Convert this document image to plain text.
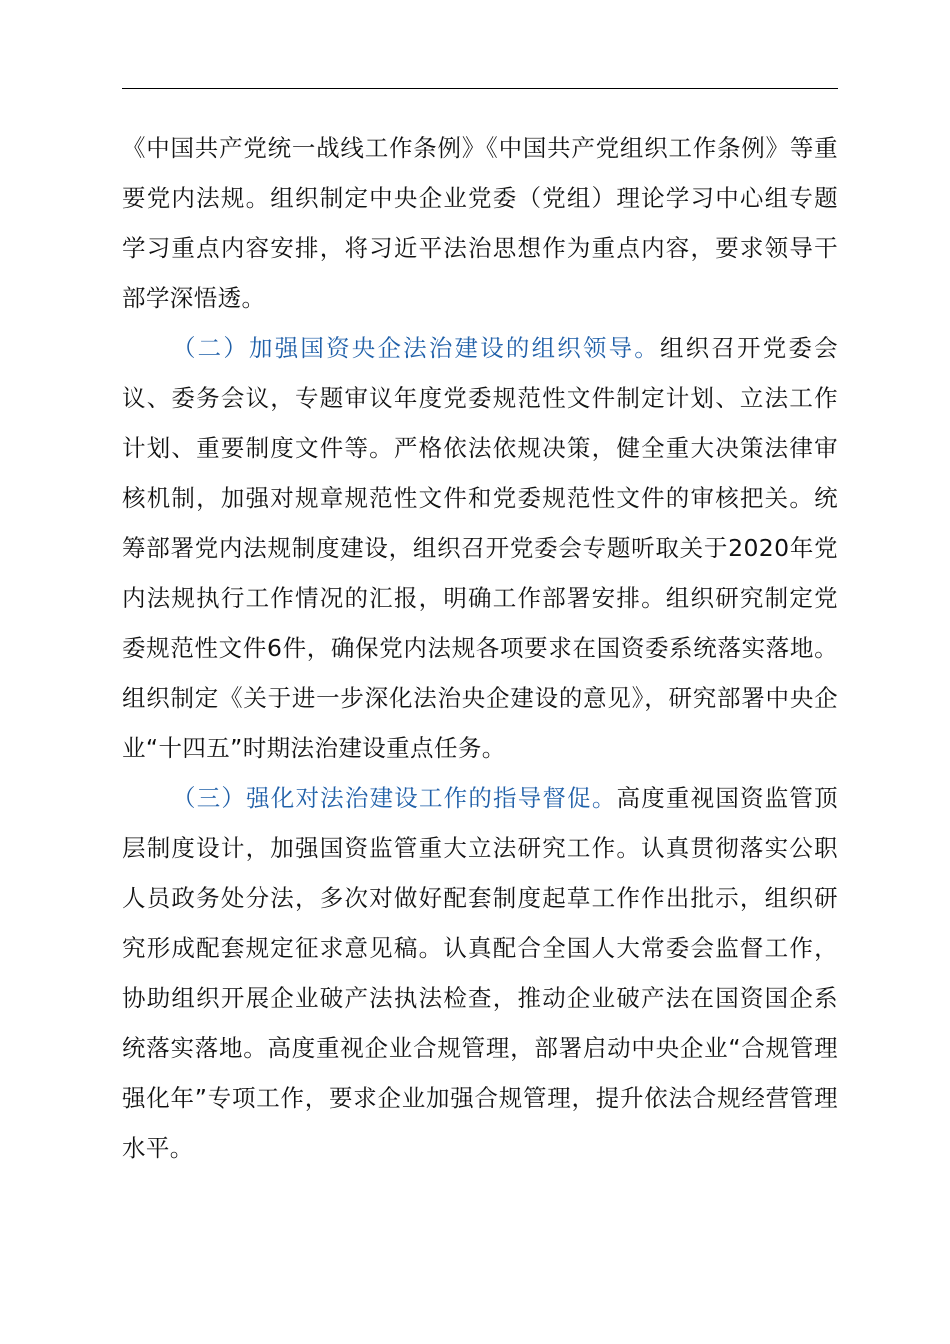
《中国共产党统一战线工作条例》《中国共产党组织工作条例》等重要党内法规。组织制定中央企业党委（党组）理论学习中心组专题学习重点内容安排，将习近平法治思想作为重点内容，要求领导干部学深悟透。

（二）加强国资央企法治建设的组织领导。组织召开党委会议、委务会议，专题审议年度党委规范性文件制定计划、立法工作计划、重要制度文件等。严格依法依规决策，健全重大决策法律审核机制，加强对规章规范性文件和党委规范性文件的审核把关。统筹部署党内法规制度建设，组织召开党委会专题听取关于2020年党内法规执行工作情况的汇报，明确工作部署安排。组织研究制定党委规范性文件6件，确保党内法规各项要求在国资委系统落实落地。组织制定《关于进一步深化法治央企建设的意见》，研究部署中央企业“十四五”时期法治建设重点任务。

（三）强化对法治建设工作的指导督促。高度重视国资监管顶层制度设计，加强国资监管重大立法研究工作。认真贯彻落实公职人员政务处分法，多次对做好配套制度起草工作作出批示，组织研究形成配套规定征求意见稿。认真配合全国人大常委会监督工作，协助组织开展企业破产法执法检查，推动企业破产法在国资国企系统落实落地。高度重视企业合规管理，部署启动中央企业“合规管理强化年”专项工作，要求企业加强合规管理，提升依法合规经营管理水平。
